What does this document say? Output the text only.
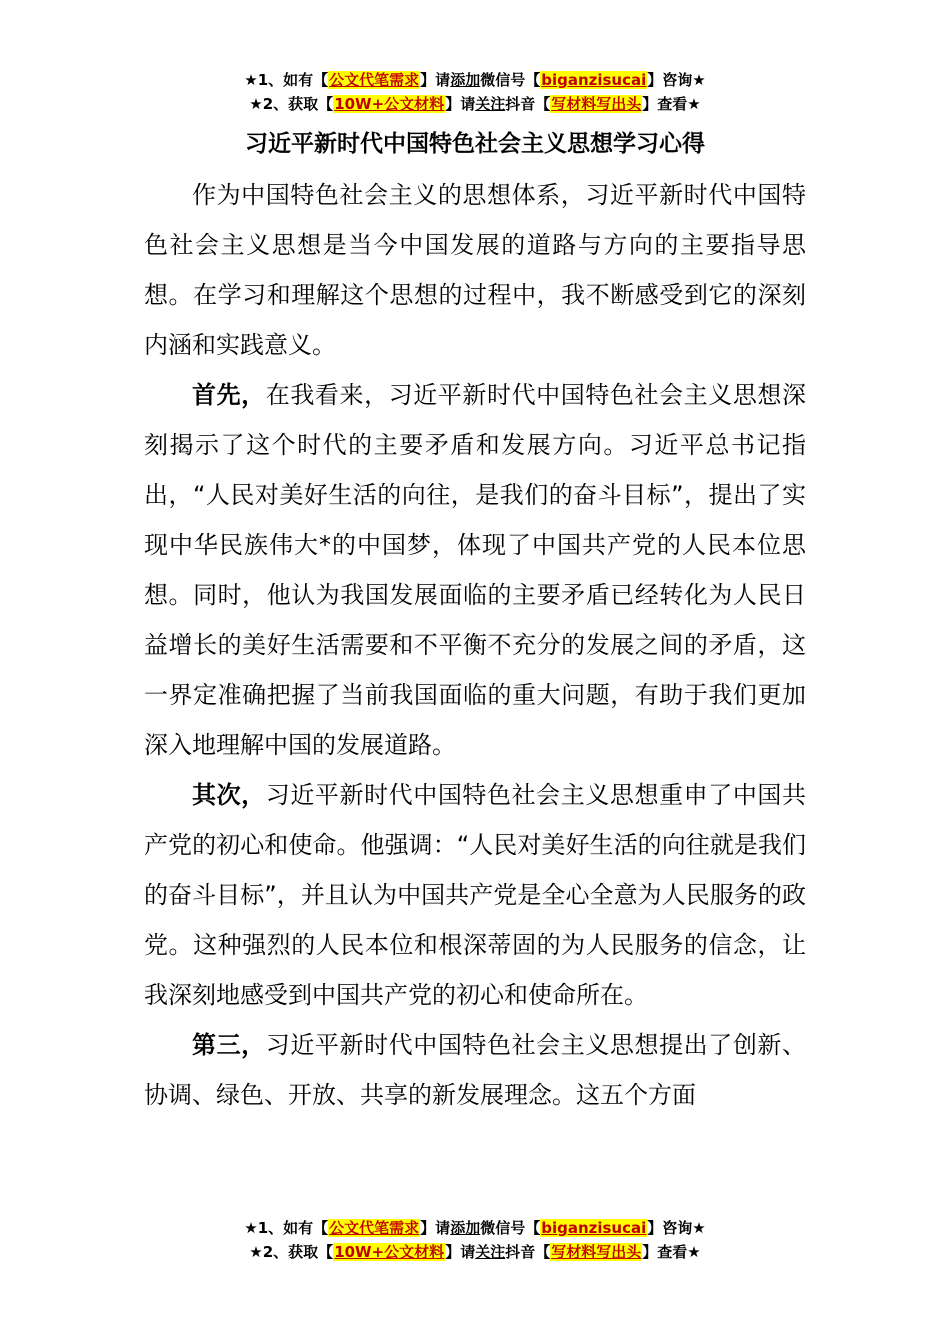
★1、如有【公文代笔需求】请添加微信号【biganzisucai】咨询★
★2、获取【10W+公文材料】请关注抖音【写材料写出头】查看★
习近平新时代中国特色社会主义思想学习心得

作为中国特色社会主义的思想体系，习近平新时代中国特色社会主义思想是当今中国发展的道路与方向的主要指导思想。在学习和理解这个思想的过程中，我不断感受到它的深刻内涵和实践意义。

首先，在我看来，习近平新时代中国特色社会主义思想深刻揭示了这个时代的主要矛盾和发展方向。习近平总书记指出，“人民对美好生活的向往，是我们的奋斗目标”，提出了实现中华民族伟大*的中国梦，体现了中国共产党的人民本位思想。同时，他认为我国发展面临的主要矛盾已经转化为人民日益增长的美好生活需要和不平衡不充分的发展之间的矛盾，这一界定准确把握了当前我国面临的重大问题，有助于我们更加深入地理解中国的发展道路。

其次，习近平新时代中国特色社会主义思想重申了中国共产党的初心和使命。他强调：“人民对美好生活的向往就是我们的奋斗目标”，并且认为中国共产党是全心全意为人民服务的政党。这种强烈的人民本位和根深蒂固的为人民服务的信念，让我深刻地感受到中国共产党的初心和使命所在。

第三，习近平新时代中国特色社会主义思想提出了创新、协调、绿色、开放、共享的新发展理念。这五个方面

★1、如有【公文代笔需求】请添加微信号【biganzisucai】咨询★
★2、获取【10W+公文材料】请关注抖音【写材料写出头】查看★
